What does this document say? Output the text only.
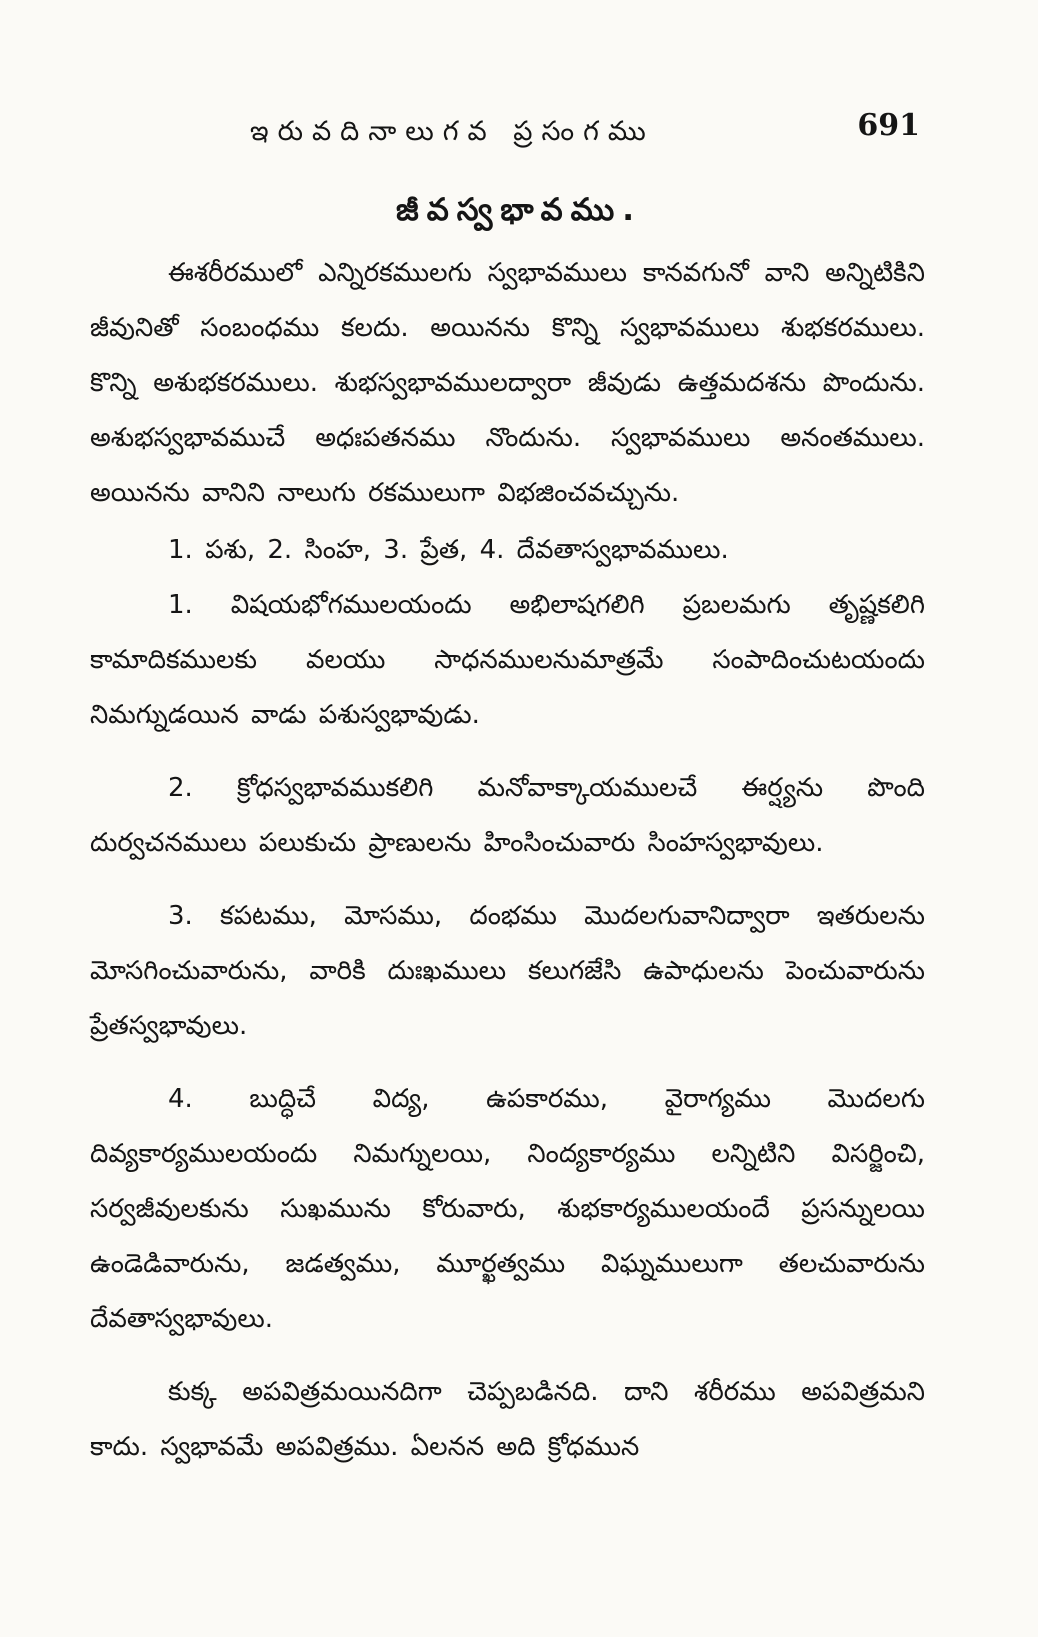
ఇరువదినాలుగవ ప్రసంగము	691
జీవస్వభావము.

ఈశరీరములో ఎన్నిరకములగు స్వభావములు కానవగునో వాని అన్నిటికిని జీవునితో సంబంధము కలదు. అయినను కొన్ని స్వభావములు శుభకరములు. కొన్ని అశుభకరములు. శుభస్వభావములద్వారా జీవుడు ఉత్తమదశను పొందును. అశుభస్వభావముచే అధఃపతనము నొందును. స్వభావములు అనంతములు. అయినను వానిని నాలుగు రకములుగా విభజించవచ్చును.

1. పశు, 2. సింహ, 3. ప్రేత, 4. దేవతాస్వభావములు.

1. విషయభోగములయందు అభిలాషగలిగి ప్రబలమగు తృష్ణకలిగి కామాదికములకు వలయు సాధనములనుమాత్రమే సంపాదించుటయందు నిమగ్నుడయిన వాడు పశుస్వభావుడు.

2. క్రోధస్వభావముకలిగి మనోవాక్కాయములచే ఈర్ష్యను పొంది దుర్వచనములు పలుకుచు ప్రాణులను హింసించువారు సింహస్వభావులు.

3. కపటము, మోసము, దంభము మొదలగువానిద్వారా ఇతరులను మోసగించువారును, వారికి దుఃఖములు కలుగజేసి ఉపాధులను పెంచువారును ప్రేతస్వభావులు.

4. బుద్ధిచే విద్య, ఉపకారము, వైరాగ్యము మొదలగు దివ్యకార్యములయందు నిమగ్నులయి, నింద్యకార్యము లన్నిటిని విసర్జించి, సర్వజీవులకును సుఖమును కోరువారు, శుభకార్యములయందే ప్రసన్నులయి ఉండెడివారును, జడత్వము, మూర్ఖత్వము విఘ్నములుగా తలచువారును దేవతాస్వభావులు.

కుక్క అపవిత్రమయినదిగా చెప్పబడినది. దాని శరీరము అపవిత్రమని కాదు. స్వభావమే అపవిత్రము. ఏలనన అది క్రోధమున
